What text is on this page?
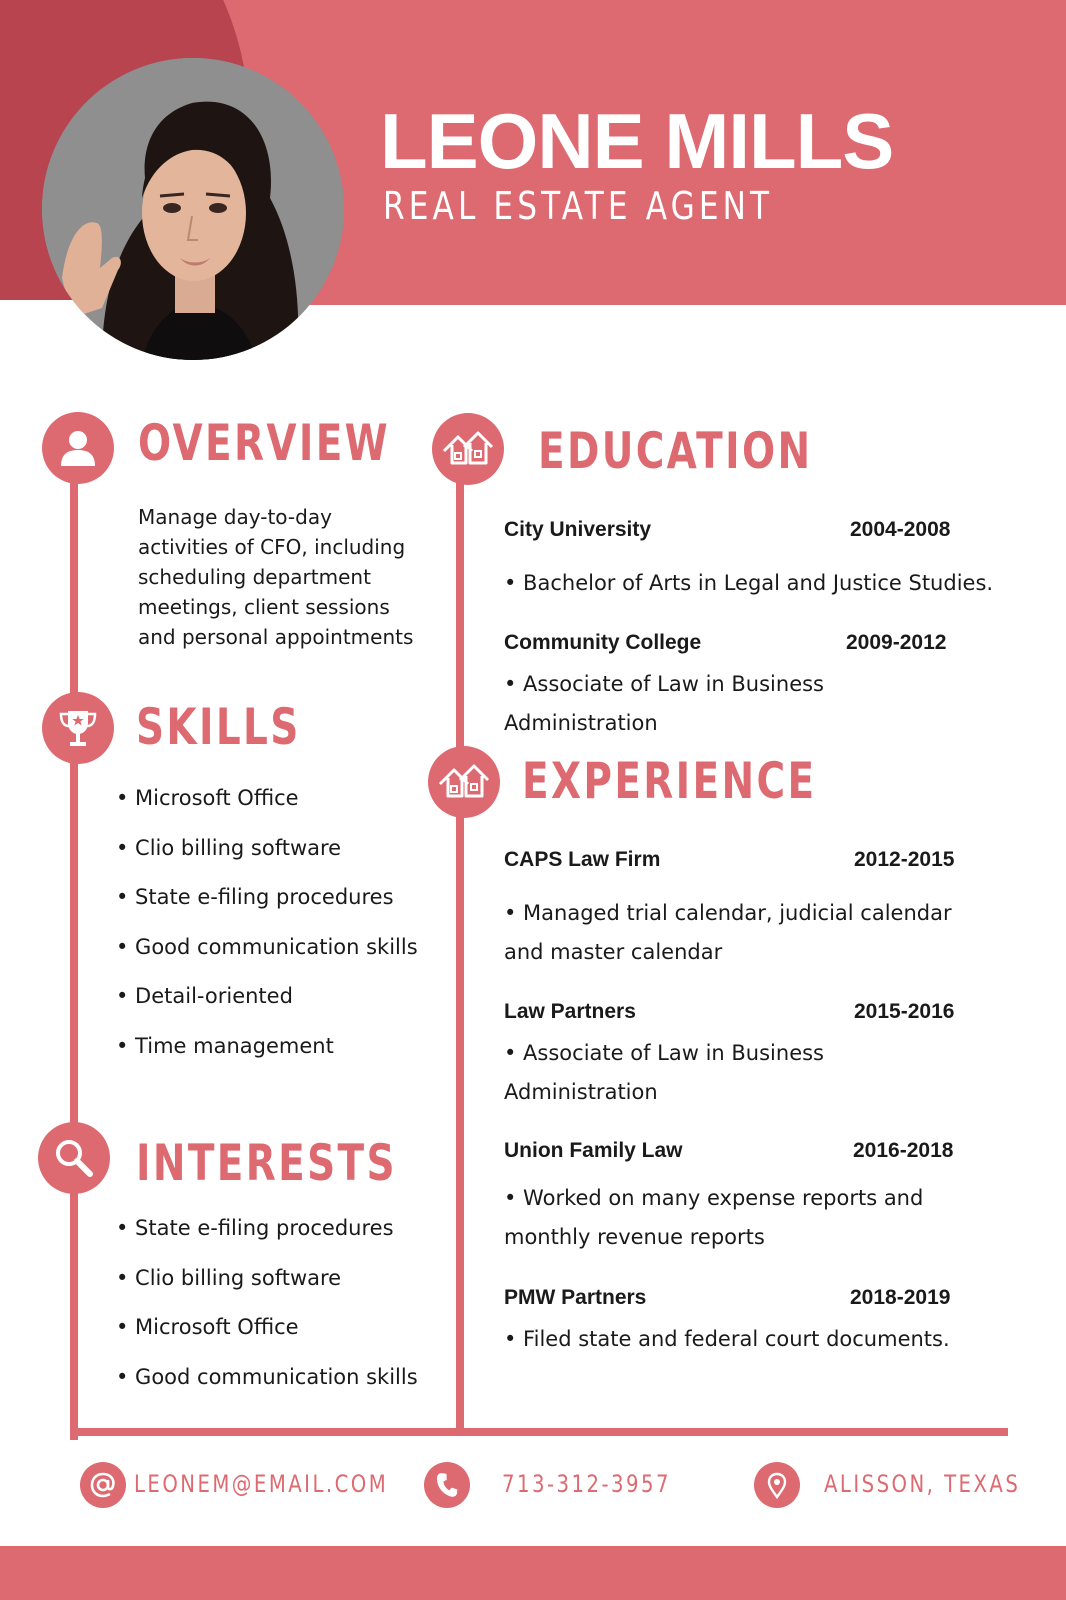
LEONE MILLS
REAL ESTATE AGENT
OVERVIEW
Manage day-to-day activities of CFO, including scheduling department meetings, client sessions and personal appointments
SKILLS
• Microsoft Office
• Clio billing software
• State e-filing procedures
• Good communication skills
• Detail-oriented
• Time management
INTERESTS
• State e-filing procedures
• Clio billing software
• Microsoft Office
• Good communication skills
EDUCATION
City University	2004-2008
• Bachelor of Arts in Legal and Justice Studies.
Community College	2009-2012
• Associate of Law in Business Administration
EXPERIENCE
CAPS Law Firm	2012-2015
• Managed trial calendar, judicial calendar and master calendar
Law Partners	2015-2016
• Associate of Law in Business Administration
Union Family Law	2016-2018
• Worked on many expense reports and monthly revenue reports
PMW Partners	2018-2019
• Filed state and federal court documents.
LEONEM@EMAIL.COM	713-312-3957	ALISSON, TEXAS
